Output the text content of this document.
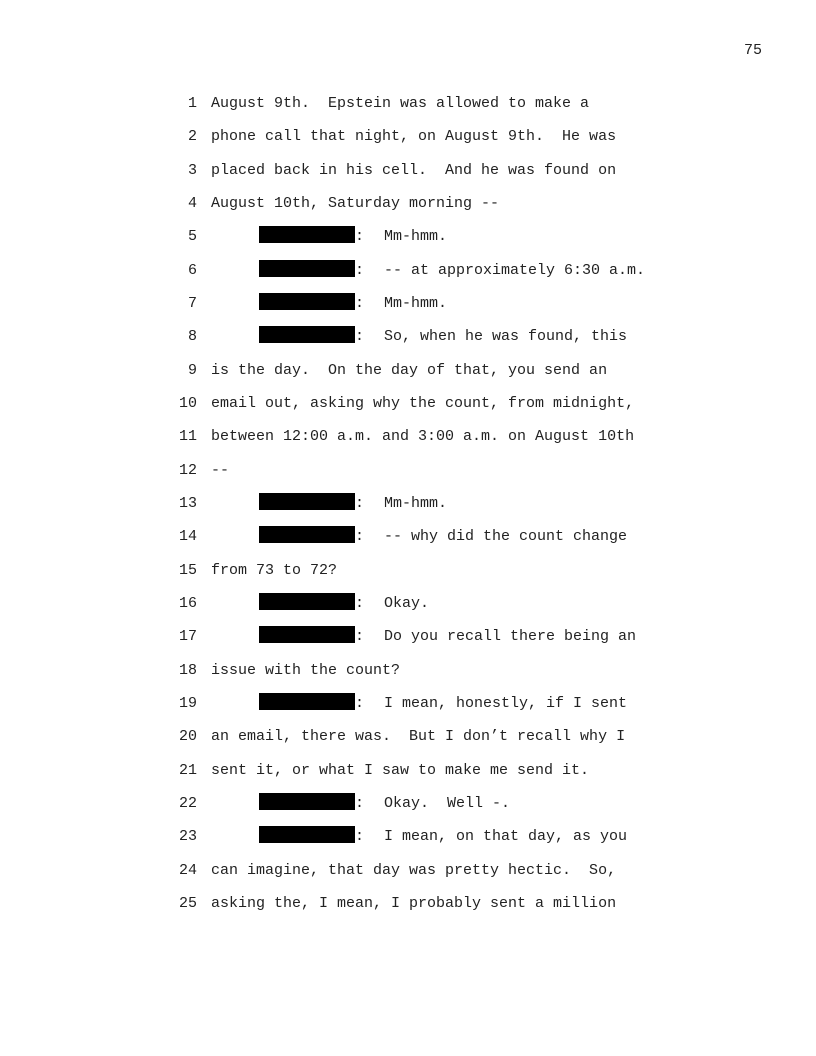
75
1 August 9th.  Epstein was allowed to make a
2 phone call that night, on August 9th.  He was
3 placed back in his cell.  And he was found on
4 August 10th, Saturday morning --
5	: Mm-hmm.
6	: -- at approximately 6:30 a.m.
7	: Mm-hmm.
8	: So, when he was found, this
9 is the day.  On the day of that, you send an
10 email out, asking why the count, from midnight,
11 between 12:00 a.m. and 3:00 a.m. on August 10th
12 --
13	: Mm-hmm.
14	: -- why did the count change
15 from 73 to 72?
16	: Okay.
17	: Do you recall there being an
18 issue with the count?
19	: I mean, honestly, if I sent
20 an email, there was.  But I don’t recall why I
21 sent it, or what I saw to make me send it.
22	: Okay.  Well -.
23	: I mean, on that day, as you
24 can imagine, that day was pretty hectic.  So,
25 asking the, I mean, I probably sent a million
